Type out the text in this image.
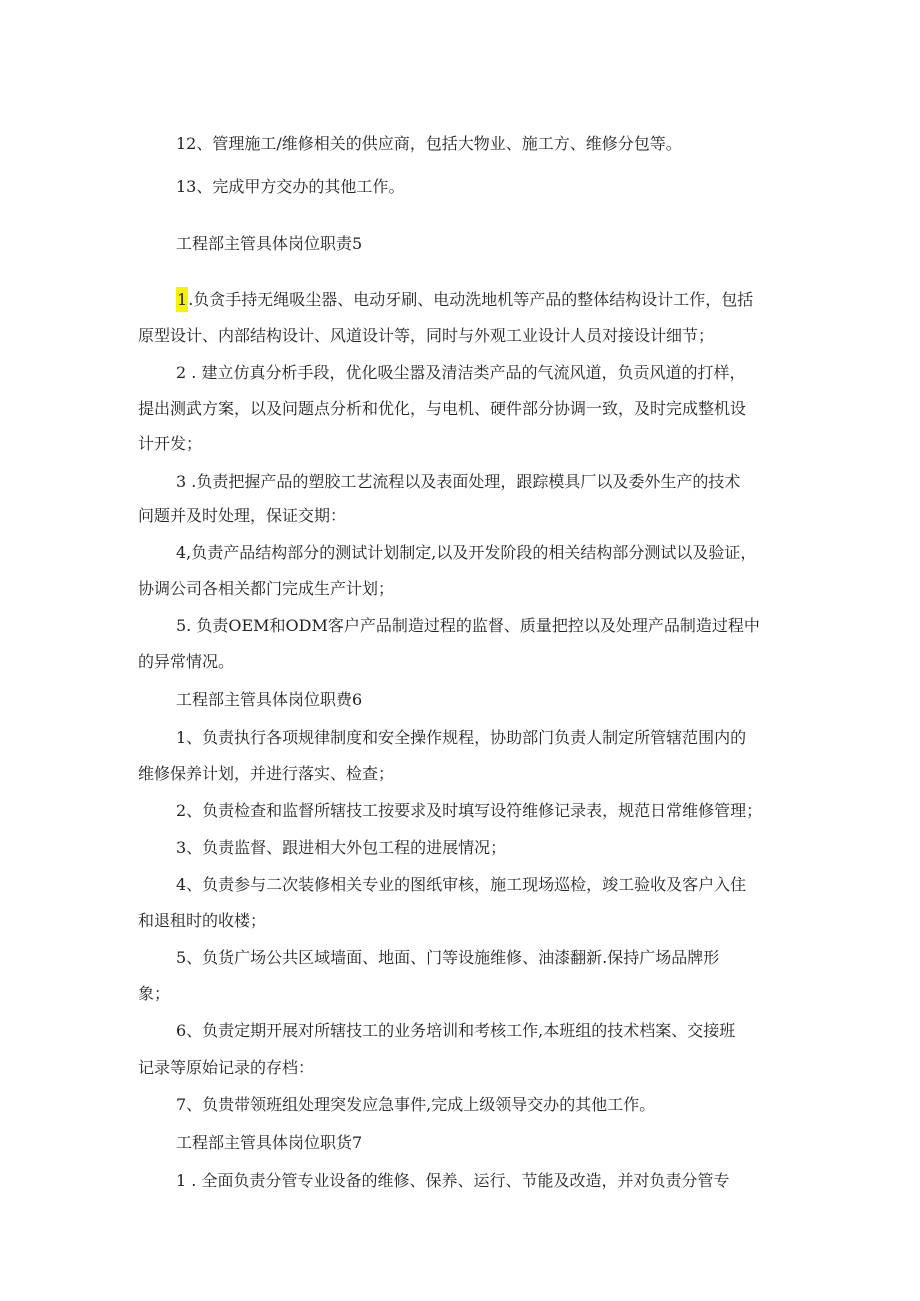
12、管理施工/维修相关的供应商，包括大物业、施工方、维修分包等。

13、完成甲方交办的其他工作。

工程部主管具体岗位职责5

1.负贪手持无绳吸尘器、电动牙刷、电动洗地机等产品的整体结构设计工作，包括

原型设计、内部结构设计、风道设计等，同时与外观工业设计人员对接设计细节；

2 . 建立仿真分析手段，优化吸尘嚣及清洁类产品的气流风道，负贡风道的打样，

提出测武方案，以及问题点分析和优化，与电机、硬件部分协调一致，及时完成整机设

计开发；

3 .负责把握产品的塑胶工艺流程以及表面处理，跟踪模具厂以及委外生产的技术

问题并及时处理，保证交期：

4,负责产品结构部分的测试计划制定,以及开发阶段的相关结构部分测试以及验证，

协调公司各相关都门完成生产计划；

5. 负责OEM和ODM客户产品制造过程的监督、质量把控以及处理产品制造过程中

的异常情况。

工程部主管具体岗位职费6

1、负责执行各项规律制度和安全操作规程，协助部门负责人制定所管辖范围内的

维修保养计划，并进行落实、检查；

2、负责检查和监督所辖技工按要求及时填写设符维修记录表，规范日常维修管理；

3、负责监督、跟进相大外包工程的进展情况；

4、负责参与二次装修相关专业的图纸审核，施工现场巡检，竣工验收及客户入住

和退租时的收楼；

5、负货广场公共区域墙面、地面、门等设施维修、油漆翻新.保持广场品牌形

象；

6、负责定期开展对所辖技工的业务培训和考核工作,本班组的技术档案、交接班

记录等原始记录的存档：

7、负贵带领班组处理突发应急事件,完成上级领导交办的其他工作。

工程部主管具体岗位职货7

1 . 全面负责分管专业设备的维修、保养、运行、节能及改造，并对负责分管专
